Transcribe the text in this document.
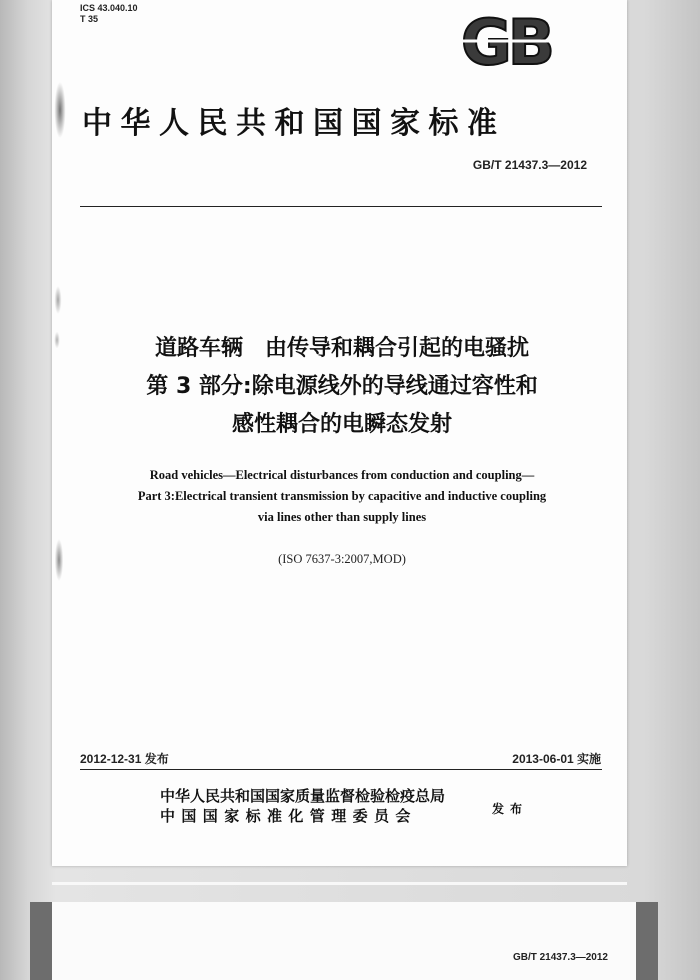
ICS 43.040.10
T 35	GB
中华人民共和国国家标准
GB/T 21437.3—2012
道路车辆　由传导和耦合引起的电骚扰
第 3 部分:除电源线外的导线通过容性和
感性耦合的电瞬态发射
Road vehicles—Electrical disturbances from conduction and coupling—
Part 3:Electrical transient transmission by capacitive and inductive coupling
via lines other than supply lines
(ISO 7637-3:2007,MOD)
2012-12-31 发布	2013-06-01 实施
中华人民共和国国家质量监督检验检疫总局
中国国家标准化管理委员会	发布
GB/T 21437.3—2012
